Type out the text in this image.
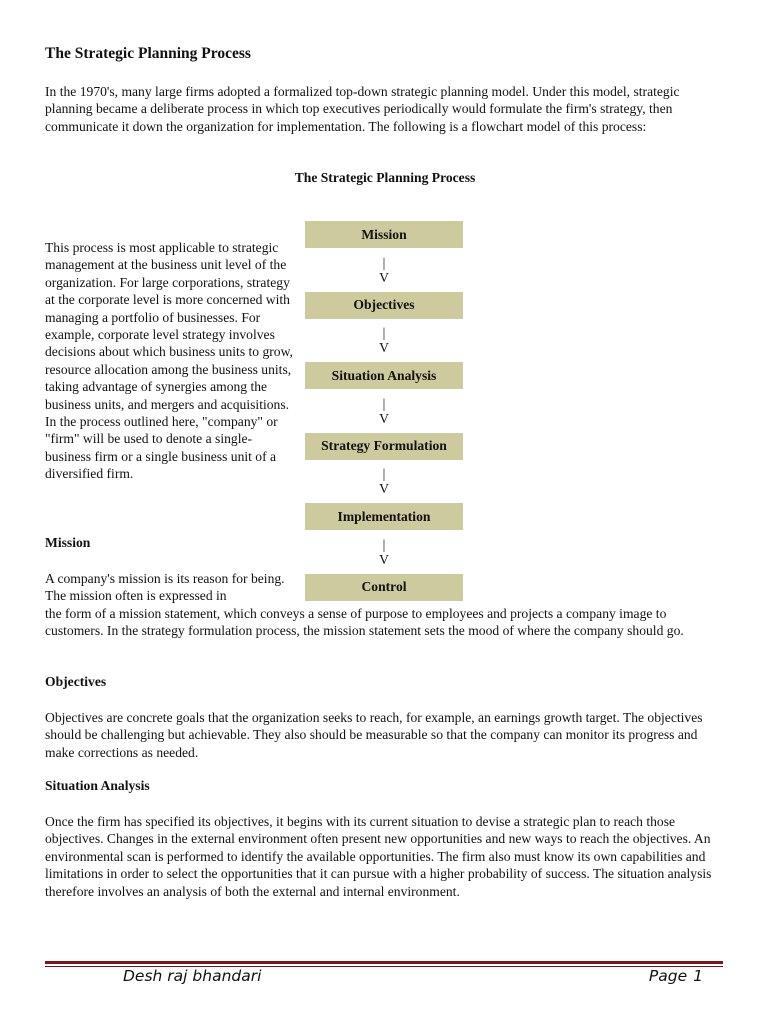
The Strategic Planning Process

In the 1970's, many large firms adopted a formalized top-down strategic planning model. Under this model, strategic planning became a deliberate process in which top executives periodically would formulate the firm's strategy, then communicate it down the organization for implementation. The following is a flowchart model of this process:

The Strategic Planning Process

This process is most applicable to strategic management at the business unit level of the organization. For large corporations, strategy at the corporate level is more concerned with managing a portfolio of businesses. For example, corporate level strategy involves decisions about which business units to grow, resource allocation among the business units, taking advantage of synergies among the business units, and mergers and acquisitions. In the process outlined here, "company" or "firm" will be used to denote a single-business firm or a single business unit of a diversified firm.

Mission
|
V
Objectives
|
V
Situation Analysis
|
V
Strategy Formulation
|
V
Implementation
|
V
Control

Mission

A company's mission is its reason for being. The mission often is expressed in

the form of a mission statement, which conveys a sense of purpose to employees and projects a company image to customers. In the strategy formulation process, the mission statement sets the mood of where the company should go.

Objectives

Objectives are concrete goals that the organization seeks to reach, for example, an earnings growth target. The objectives should be challenging but achievable. They also should be measurable so that the company can monitor its progress and make corrections as needed.

Situation Analysis

Once the firm has specified its objectives, it begins with its current situation to devise a strategic plan to reach those objectives. Changes in the external environment often present new opportunities and new ways to reach the objectives. An environmental scan is performed to identify the available opportunities. The firm also must know its own capabilities and limitations in order to select the opportunities that it can pursue with a higher probability of success. The situation analysis therefore involves an analysis of both the external and internal environment.

Desh raj bhandari	Page 1
